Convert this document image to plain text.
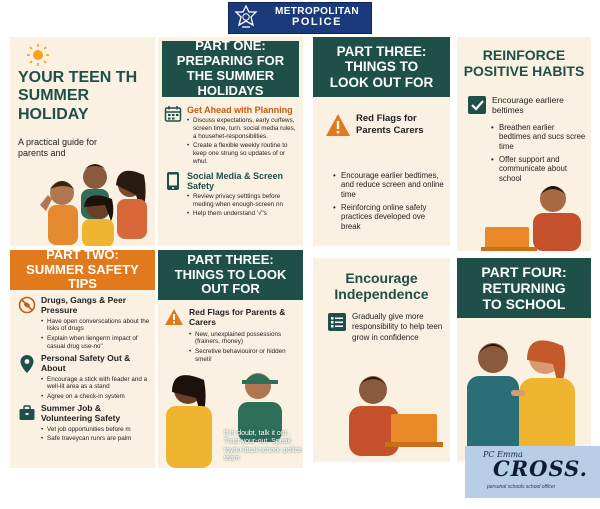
METROPOLITAN
POLICE
YOUR TEEN TH SUMMER HOLIDAY
A practical guide for parents and
PART ONE: PREPARING FOR THE SUMMER HOLIDAYS
Get Ahead with Planning
• Discuss expectations, early curfews, screen time, turn. social media rules, a househet-responsiblities.
• Create a flexible weekly routine to keep one strung so updates of or whul.
Social Media & Screen Safety
• Review privacy setttings before meding when enough-screen nn
• Help them understand ’√"s
PART THREE: THINGS TO LOOK OUT FOR
Red Flags for Parents Carers
• Encourage earlier bedtimes, and reduce screen and online time
• Reinforcing online safety practices developed ove break
REINFORCE POSITIVE HABITS
Encourage earliere beltimes
• Breathen earlier bedtimes and sucs scree time
• Offer support and communicate about school
PART TWO: SUMMER SAFETY TIPS
Drugs, Gangs & Peer Pressure
• Have open converscations about the lisks of drugs
• Explain when liengerm impact of casual drug use-no"
Personal Safety Out & About
• Encourage a stick with feader and a well-lit area as a stand
• Agree on a check-in system
Summer Job & Volunteering Safety
• Vet job opportunities before m
• Safe traveycan runrs are palm
PART THREE: THINGS TO LOOK OUT FOR
Red Flags for Parents & Carers
• New, unexplained possessions (frainers, rhoney)
• Secretive behaviouiror or hidden smeti!
If in doubt, talk it out . Trust your-out. Speak toyou local school. police team
Encourage Independence
Gradually give more responsibility to help teen grow in confidence
PART FOUR: RETURNING TO SCHOOL
PC Emma
CROSS.
personal schools school officer
